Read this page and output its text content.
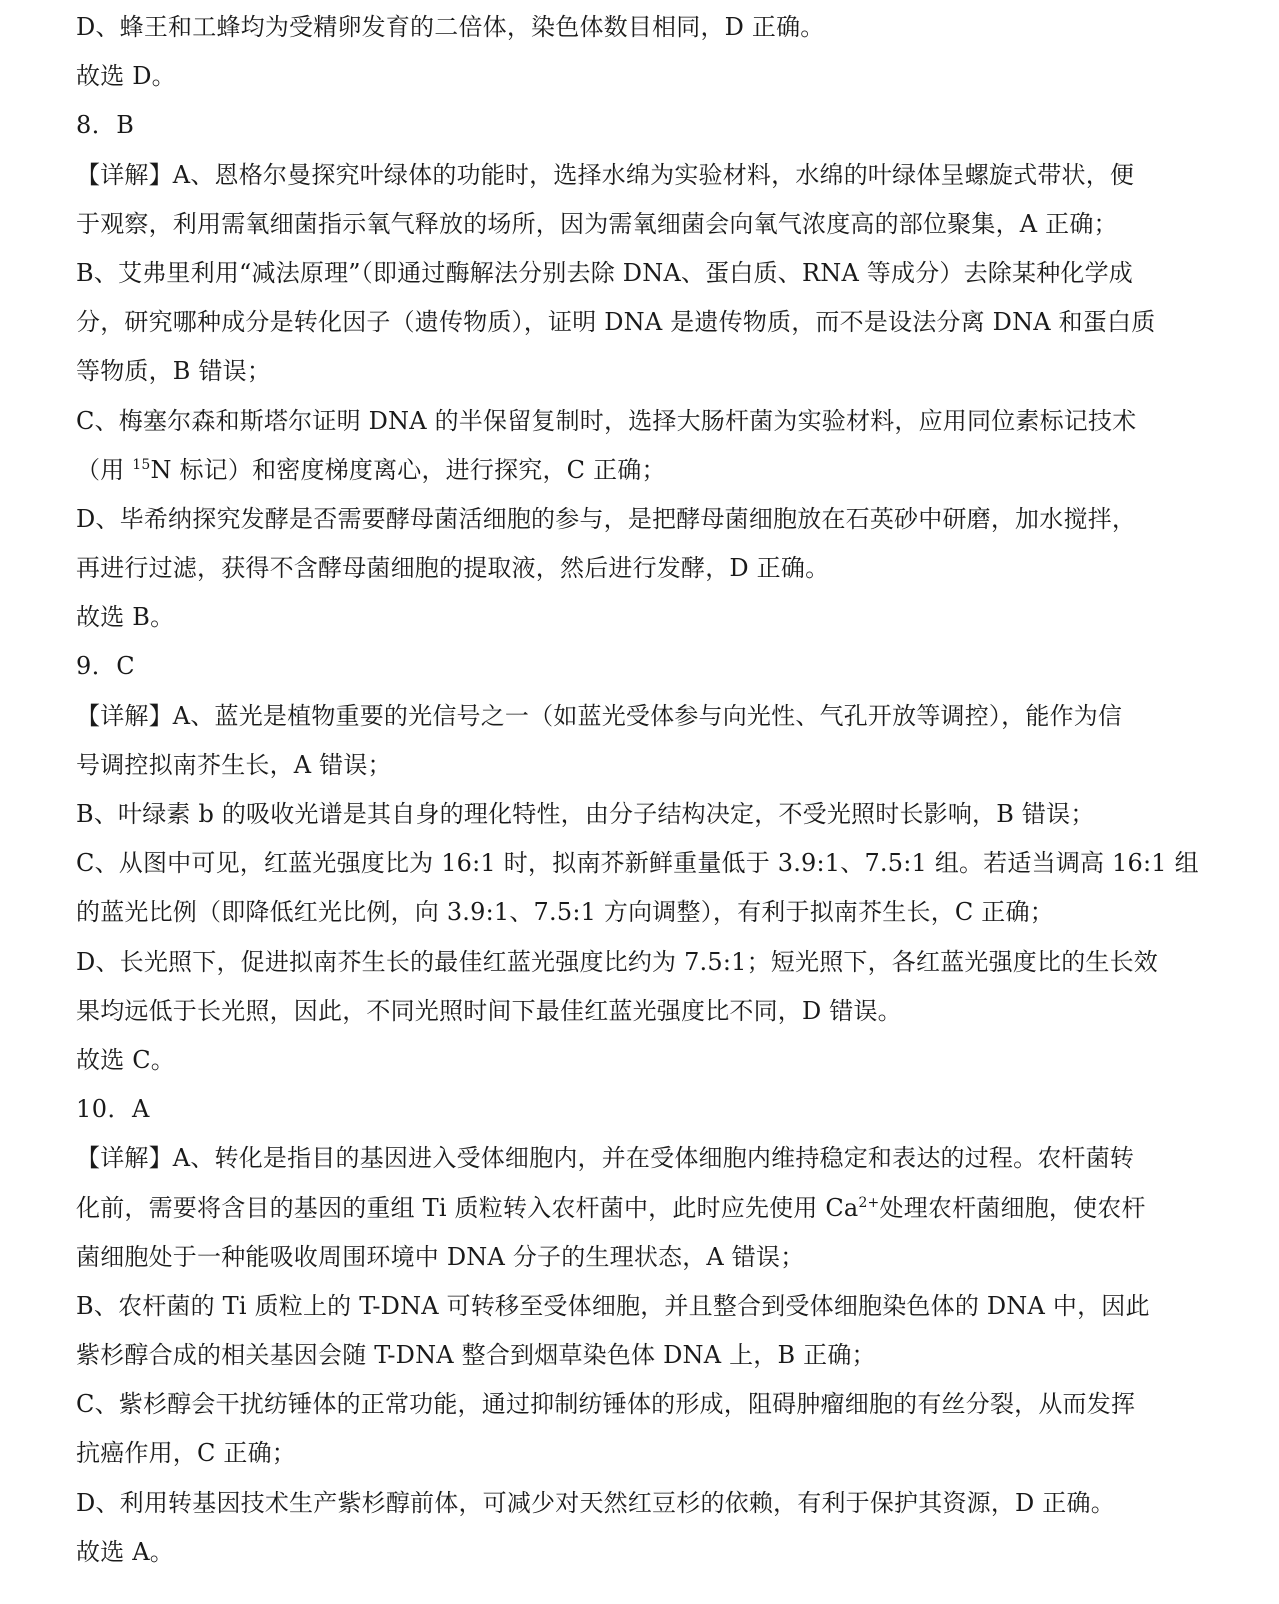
D、蜂王和工蜂均为受精卵发育的二倍体，染色体数目相同，D 正确。
故选 D。
8．B
【详解】A、恩格尔曼探究叶绿体的功能时，选择水绵为实验材料，水绵的叶绿体呈螺旋式带状，便
于观察，利用需氧细菌指示氧气释放的场所，因为需氧细菌会向氧气浓度高的部位聚集，A 正确；
B、艾弗里利用“减法原理”（即通过酶解法分别去除 DNA、蛋白质、RNA 等成分）去除某种化学成
分，研究哪种成分是转化因子（遗传物质），证明 DNA 是遗传物质，而不是设法分离 DNA 和蛋白质
等物质，B 错误；
C、梅塞尔森和斯塔尔证明 DNA 的半保留复制时，选择大肠杆菌为实验材料，应用同位素标记技术
（用 $^{15}$N 标记）和密度梯度离心，进行探究，C 正确；
D、毕希纳探究发酵是否需要酵母菌活细胞的参与，是把酵母菌细胞放在石英砂中研磨，加水搅拌，
再进行过滤，获得不含酵母菌细胞的提取液，然后进行发酵，D 正确。
故选 B。
9．C
【详解】A、蓝光是植物重要的光信号之一（如蓝光受体参与向光性、气孔开放等调控），能作为信
号调控拟南芥生长，A 错误；
B、叶绿素 b 的吸收光谱是其自身的理化特性，由分子结构决定，不受光照时长影响，B 错误；
C、从图中可见，红蓝光强度比为 16:1 时，拟南芥新鲜重量低于 3.9:1、7.5:1 组。若适当调高 16:1 组
的蓝光比例（即降低红光比例，向 3.9:1、7.5:1 方向调整），有利于拟南芥生长，C 正确；
D、长光照下，促进拟南芥生长的最佳红蓝光强度比约为 7.5:1；短光照下，各红蓝光强度比的生长效
果均远低于长光照，因此，不同光照时间下最佳红蓝光强度比不同，D 错误。
故选 C。
10．A
【详解】A、转化是指目的基因进入受体细胞内，并在受体细胞内维持稳定和表达的过程。农杆菌转
化前，需要将含目的基因的重组 Ti 质粒转入农杆菌中，此时应先使用 $Ca^{2+}$处理农杆菌细胞，使农杆
菌细胞处于一种能吸收周围环境中 DNA 分子的生理状态，A 错误；
B、农杆菌的 Ti 质粒上的 T-DNA 可转移至受体细胞，并且整合到受体细胞染色体的 DNA 中，因此
紫杉醇合成的相关基因会随 T-DNA 整合到烟草染色体 DNA 上，B 正确；
C、紫杉醇会干扰纺锤体的正常功能，通过抑制纺锤体的形成，阻碍肿瘤细胞的有丝分裂，从而发挥
抗癌作用，C 正确；
D、利用转基因技术生产紫杉醇前体，可减少对天然红豆杉的依赖，有利于保护其资源，D 正确。
故选 A。
